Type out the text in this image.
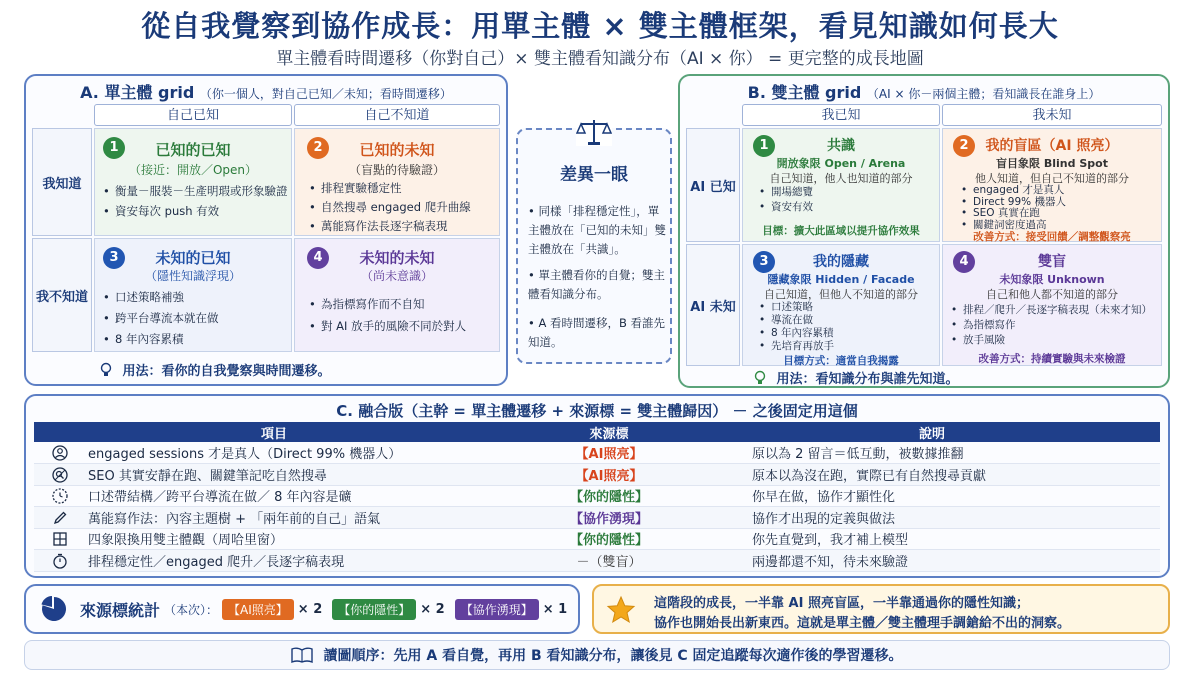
從自我覺察到協作成長：用單主體 × 雙主體框架，看見知識如何長大
單主體看時間遷移（你對自己）× 雙主體看知識分布（AI × 你） = 更完整的成長地圖
A. 單主體 grid （你一個人，對自己已知／未知；看時間遷移）
自己已知	自己不知道
我知道
我不知道
1	已知的已知
（接近：開放／Open）
• 衡量－服裝－生產明瑕或形象驗證
• 資安每次 push 有效
2	已知的未知
（盲點的待驗證）
• 排程實驗穩定性
• 自然搜尋 engaged 爬升曲線
• 萬能寫作法長逐字稿表現
3	未知的已知
（隱性知識浮現）
• 口述策略補強
• 跨平台導流本就在做
• 8 年內容累積
4	未知的未知
（尚未意識）
• 為指標寫作而不自知
• 對 AI 放手的風險不同於對人
用法：看你的自我覺察與時間遷移。
差異一眼
• 同樣「排程穩定性」，單主體放在「已知的未知」雙主體放在「共識」。
• 單主體看你的自覺；雙主體看知識分布。
• A 看時間遷移，B 看誰先知道。
B. 雙主體 grid （AI × 你－兩個主體；看知識長在誰身上）
我已知	我未知
AI 已知
AI 未知
1	共識
開放象限 Open / Arena
自己知道，他人也知道的部分
• 開場總覽
• 資安有效
目標：擴大此區域以提升協作效果
2	我的盲區（AI 照亮）
盲目象限 Blind Spot
他人知道，但自己不知道的部分
• engaged 才是真人
• Direct 99% 機器人
• SEO 真實在跑
• 關鍵詞密度過高
改善方式：接受回饋／調整觀察亮
3	我的隱藏
隱藏象限 Hidden / Facade
自己知道，但他人不知道的部分
• 口述策略
• 導流在做
• 8 年內容累積
• 先培育再放手
目標方式：適當自我揭露
4	雙盲
未知象限 Unknown
自己和他人都不知道的部分
• 排程／爬升／長逐字稿表現（未來才知）
• 為指標寫作
• 放手風險
改善方式：持續實驗與未來檢證
用法：看知識分布與誰先知道。
C. 融合版（主幹 = 單主體遷移 + 來源標 = 雙主體歸因） － 之後固定用這個
項目	來源標	說明
engaged sessions 才是真人（Direct 99% 機器人）	【AI照亮】	原以為 2 留言＝低互動，被數據推翻
SEO 其實安靜在跑、關鍵筆記吃自然搜尋	【AI照亮】	原本以為沒在跑，實際已有自然搜尋貢獻
口述帶結構／跨平台導流在做／ 8 年內容是礦	【你的隱性】	你早在做，協作才顯性化
萬能寫作法：內容主題樹 + 「兩年前的自己」語氣	【協作湧現】	協作才出現的定義與做法
四象限換用雙主體觀（周哈里窗）	【你的隱性】	你先直覺到，我才補上模型
排程穩定性／engaged 爬升／長逐字稿表現	－（雙盲）	兩邊都還不知，待未來驗證
來源標統計 （本次）： 【AI照亮】 × 2	【你的隱性】 × 2	【協作湧現】 × 1	這階段的成長，一半靠 AI 照亮盲區，一半靠通過你的隱性知識；
協作也開始長出新東西。這就是單主體／雙主體理手調鎗給不出的洞察。
讀圖順序：先用 A 看自覺，再用 B 看知識分布，讓後見 C 固定追蹤每次適作後的學習遷移。
